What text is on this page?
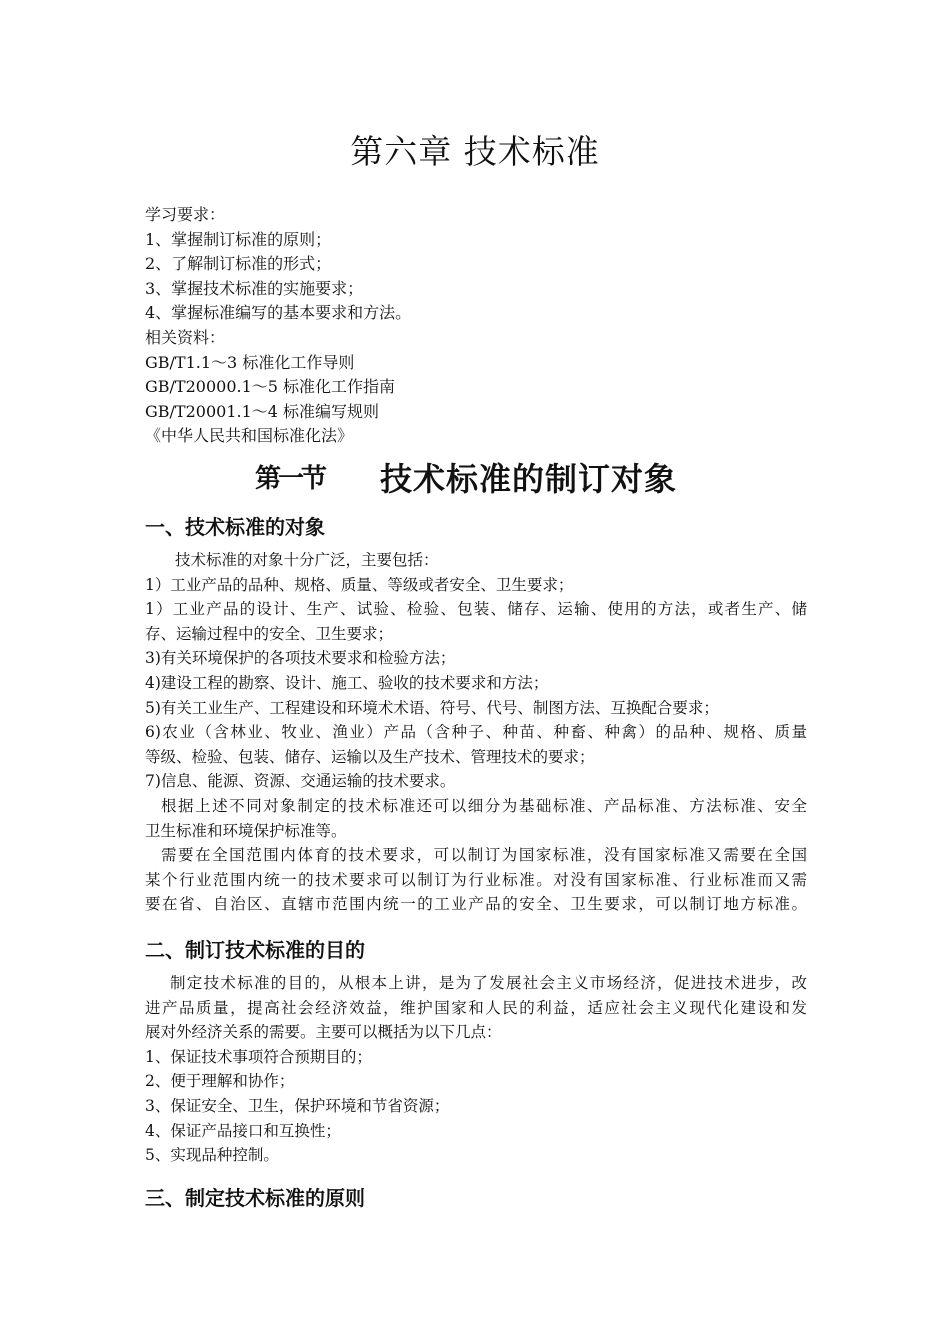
第六章 技术标准
学习要求：
1、掌握制订标准的原则；
2、了解制订标准的形式；
3、掌握技术标准的实施要求；
4、掌握标准编写的基本要求和方法。
相关资料：
GB/T1.1～3 标准化工作导则
GB/T20000.1～5 标准化工作指南
GB/T20001.1～4 标准编写规则
《中华人民共和国标准化法》
第一节 技术标准的制订对象
一、技术标准的对象
技术标准的对象十分广泛，主要包括：
1）工业产品的品种、规格、质量、等级或者安全、卫生要求；
1）工业产品的设计、生产、试验、检验、包装、储存、运输、使用的方法，或者生产、储
存、运输过程中的安全、卫生要求；
3)有关环境保护的各项技术要求和检验方法；
4)建设工程的勘察、设计、施工、验收的技术要求和方法；
5)有关工业生产、工程建设和环境术术语、符号、代号、制图方法、互换配合要求；
6)农业（含林业、牧业、渔业）产品（含种子、种苗、种畜、种禽）的品种、规格、质量
等级、检验、包装、储存、运输以及生产技术、管理技术的要求；
7)信息、能源、资源、交通运输的技术要求。
根据上述不同对象制定的技术标准还可以细分为基础标准、产品标准、方法标准、安全
卫生标准和环境保护标准等。
需要在全国范围内体育的技术要求，可以制订为国家标准，没有国家标准又需要在全国
某个行业范围内统一的技术要求可以制订为行业标准。对没有国家标准、行业标准而又需
要在省、自治区、直辖市范围内统一的工业产品的安全、卫生要求，可以制订地方标准。
二、制订技术标准的目的
制定技术标准的目的，从根本上讲，是为了发展社会主义市场经济，促进技术进步，改
进产品质量，提高社会经济效益，维护国家和人民的利益，适应社会主义现代化建设和发
展对外经济关系的需要。主要可以概括为以下几点：
1、保证技术事项符合预期目的；
2、便于理解和协作；
3、保证安全、卫生，保护环境和节省资源；
4、保证产品接口和互换性；
5、实现品种控制。
三、制定技术标准的原则
